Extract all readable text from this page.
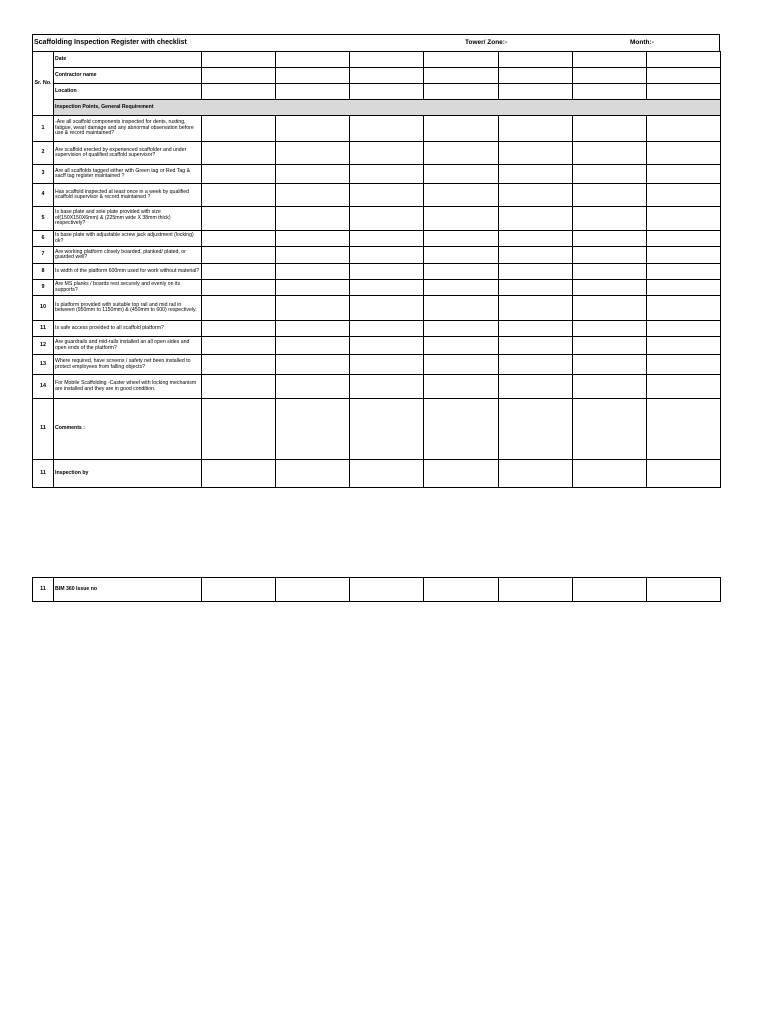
Scaffolding Inspection Register with checklist	Tower/ Zone:-	Month:-
Sr. No.	Date							
	Contractor name							
	Location							
	Inspection Points, General Requirement							
1	-Are all scaffold components inspected for dents, rusting, fatigue, wear/ damage and any abnormal observation before use & record maintained?							
2	Are scaffold erected by experienced scaffolder and under supervision of qualified scaffold supervisor?							
3	Are all scaffolds tagged either with Green tag or Red Tag & sacff tag register maintained ?							
4	Has scaffold inspected at least once in a week by qualified scaffold supervisor & record maintained ?							
5	Is base plate and sole plate provided with size of(150X150X6mm) & (225mm wide X 38mm thick) respectively?							
6	Is base plate with adjustable screw jack adjustment (locking) ok?							
7	Are working platform closely boarded, planked/ plated, or guarded well?							
8	Is width of the platform 600mm used for work without material?							
9	Are MS planks / boards rest securely and evenly on its supports?							
10	Is platform provided with suitable top rail and mid rail in between (950mm to 1150mm) & (450mm to 600) respectively.							
11	Is safe access provided to all scaffold platform?							
12	Are guardrails and mid-rails installed an all open sides and open ends of the platform?							
13	Where required, have screens / safety net been installed to protect employees from falling objects?							
14	For Mobile Scaffolding -Caster wheel with locking mechanism are installed and they are in good condition.							
11	Comments :							
11	Inspection by							
11	BIM 360 Issue no							
